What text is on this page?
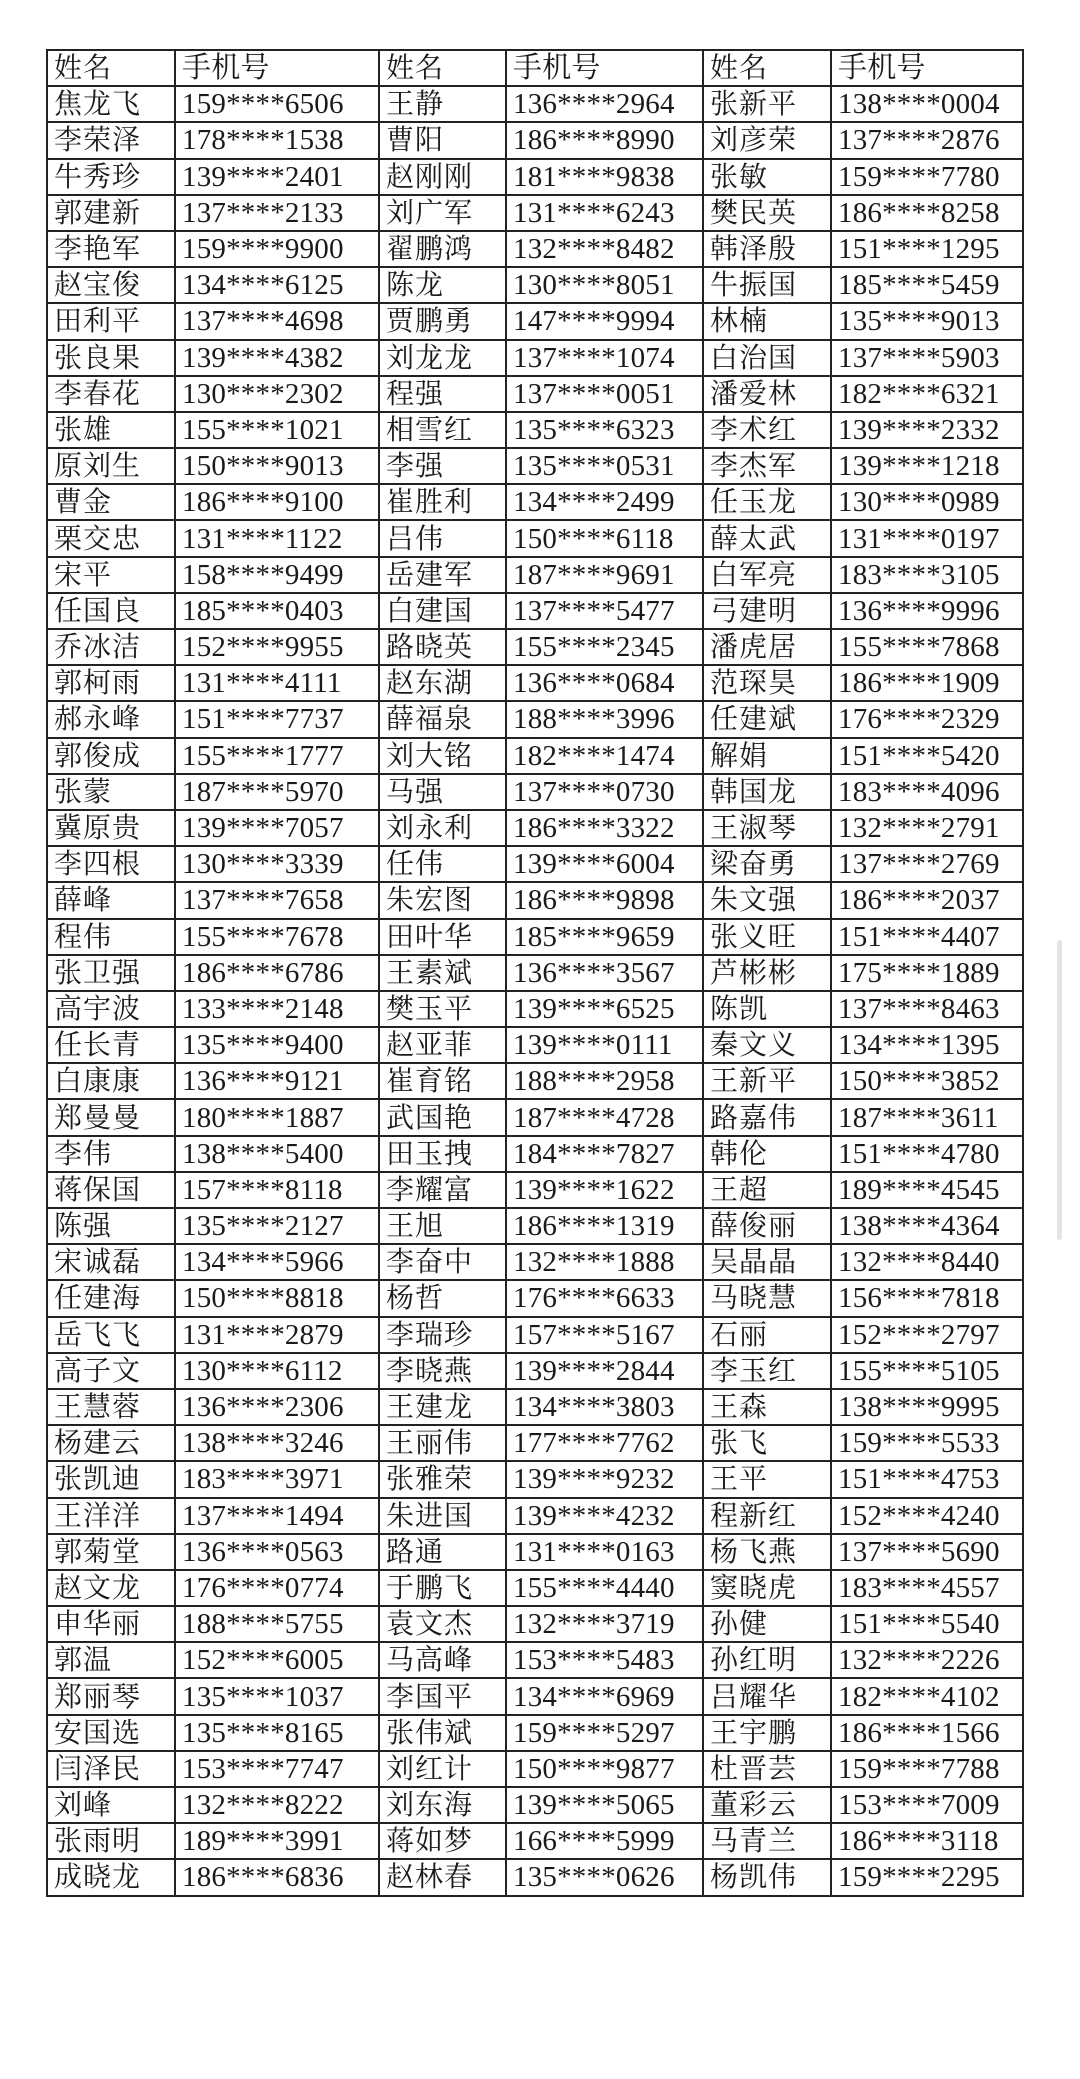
姓名	手机号	姓名	手机号	姓名	手机号
焦龙飞	159****6506	王静	136****2964	张新平	138****0004
李荣泽	178****1538	曹阳	186****8990	刘彦荣	137****2876
牛秀珍	139****2401	赵刚刚	181****9838	张敏	159****7780
郭建新	137****2133	刘广军	131****6243	樊民英	186****8258
李艳军	159****9900	翟鹏鸿	132****8482	韩泽殷	151****1295
赵宝俊	134****6125	陈龙	130****8051	牛振国	185****5459
田利平	137****4698	贾鹏勇	147****9994	林楠	135****9013
张良果	139****4382	刘龙龙	137****1074	白治国	137****5903
李春花	130****2302	程强	137****0051	潘爱林	182****6321
张雄	155****1021	相雪红	135****6323	李术红	139****2332
原刘生	150****9013	李强	135****0531	李杰军	139****1218
曹金	186****9100	崔胜利	134****2499	任玉龙	130****0989
栗交忠	131****1122	吕伟	150****6118	薛太武	131****0197
宋平	158****9499	岳建军	187****9691	白军亮	183****3105
任国良	185****0403	白建国	137****5477	弓建明	136****9996
乔冰洁	152****9955	路晓英	155****2345	潘虎居	155****7868
郭柯雨	131****4111	赵东湖	136****0684	范琛昊	186****1909
郝永峰	151****7737	薛福泉	188****3996	任建斌	176****2329
郭俊成	155****1777	刘大铭	182****1474	解娟	151****5420
张蒙	187****5970	马强	137****0730	韩国龙	183****4096
冀原贵	139****7057	刘永利	186****3322	王淑琴	132****2791
李四根	130****3339	任伟	139****6004	梁奋勇	137****2769
薛峰	137****7658	朱宏图	186****9898	朱文强	186****2037
程伟	155****7678	田叶华	185****9659	张义旺	151****4407
张卫强	186****6786	王素斌	136****3567	芦彬彬	175****1889
高宇波	133****2148	樊玉平	139****6525	陈凯	137****8463
任长青	135****9400	赵亚菲	139****0111	秦文义	134****1395
白康康	136****9121	崔育铭	188****2958	王新平	150****3852
郑曼曼	180****1887	武国艳	187****4728	路嘉伟	187****3611
李伟	138****5400	田玉拽	184****7827	韩伦	151****4780
蒋保国	157****8118	李耀富	139****1622	王超	189****4545
陈强	135****2127	王旭	186****1319	薛俊丽	138****4364
宋诚磊	134****5966	李奋中	132****1888	吴晶晶	132****8440
任建海	150****8818	杨哲	176****6633	马晓慧	156****7818
岳飞飞	131****2879	李瑞珍	157****5167	石丽	152****2797
高子文	130****6112	李晓燕	139****2844	李玉红	155****5105
王慧蓉	136****2306	王建龙	134****3803	王森	138****9995
杨建云	138****3246	王丽伟	177****7762	张飞	159****5533
张凯迪	183****3971	张雅荣	139****9232	王平	151****4753
王洋洋	137****1494	朱进国	139****4232	程新红	152****4240
郭菊堂	136****0563	路通	131****0163	杨飞燕	137****5690
赵文龙	176****0774	于鹏飞	155****4440	窦晓虎	183****4557
申华丽	188****5755	袁文杰	132****3719	孙健	151****5540
郭温	152****6005	马高峰	153****5483	孙红明	132****2226
郑丽琴	135****1037	李国平	134****6969	吕耀华	182****4102
安国选	135****8165	张伟斌	159****5297	王宇鹏	186****1566
闫泽民	153****7747	刘红计	150****9877	杜晋芸	159****7788
刘峰	132****8222	刘东海	139****5065	董彩云	153****7009
张雨明	189****3991	蒋如梦	166****5999	马青兰	186****3118
成晓龙	186****6836	赵林春	135****0626	杨凯伟	159****2295
